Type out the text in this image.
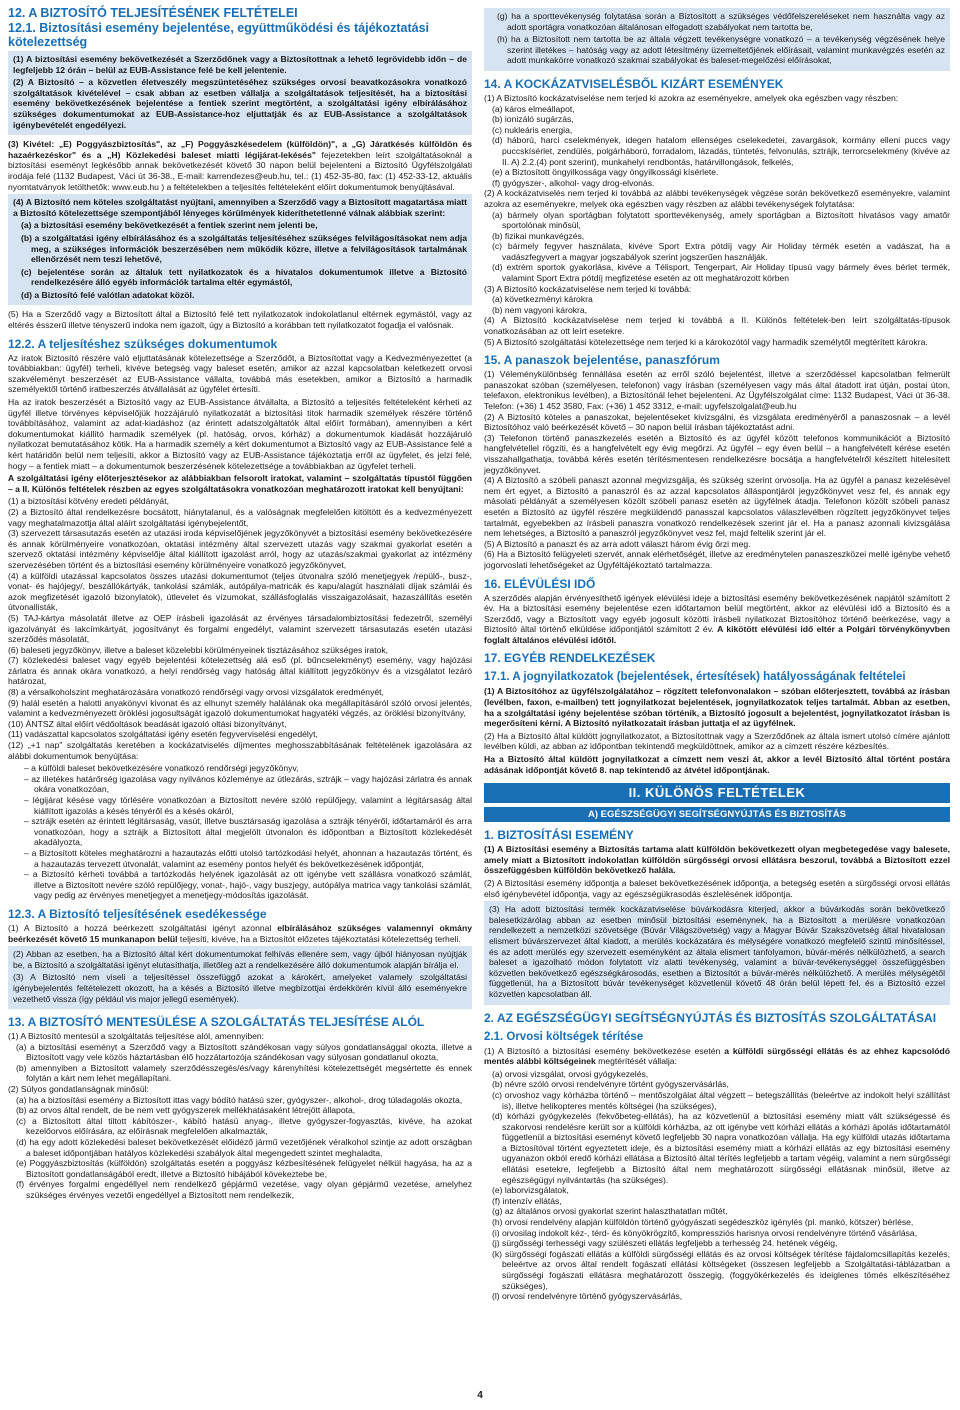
12. A BIZTOSÍTÓ TELJESÍTÉSÉNEK FELTÉTELEI
12.1. Biztosítási esemény bejelentése, együttműködési és tájékoztatási kötelezettség

(1) A biztosítási esemény bekövetkezését a Szerződőnek vagy a Biztosítottnak a lehető legrövidebb időn – de legfeljebb 12 órán – belül az EUB-Assistance felé be kell jelentenie.

(2) A Biztosító – a közvetlen életveszély megszüntetéséhez szükséges orvosi beavatkozásokra vonatkozó szolgáltatások kivételével – csak abban az esetben vállalja a szolgáltatások teljesítését, ha a biztosítási esemény bekövetkezésének bejelentése a fentiek szerint megtörtént, a szolgáltatási igény elbírálásához szükséges dokumentumokat az EUB-Assistance-hoz eljuttatják és az EUB-Assistance a szolgáltatások igénybevételét engedélyezi.

(3) Kivétel: „E) Poggyászbiztosítás", az „F) Poggyászkésedelem (külföldön)", a „G) Járatkésés külföldön és hazaérkezéskor" és a „H) Közlekedési baleset miatti légijárat-lekésés" fejezetekben leírt szolgáltatásoknál a biztosítási eseményt legkésőbb annak bekövetkezését követő 30 napon belül bejelenteni a Biztosító Ügyfélszolgálati irodája felé (1132 Budapest, Váci út 36-38., E-mail: karrendezes@eub.hu, tel.: (1) 452-35-80, fax: (1) 452-33-12, aktuális nyomtatványok letölthetők: www.eub.hu ) a feltételekben a teljesítés feltételeként előírt dokumentumok benyújtásával.

(4) A Biztosító nem köteles szolgáltatást nyújtani, amennyiben a Szerződő vagy a Biztosított magatartása miatt a Biztosító kötelezettsége szempontjából lényeges körülmények kideríthetetlenné válnak alábbiak szerint:

(a) a biztosítási esemény bekövetkezését a fentiek szerint nem jelenti be,

(b) a szolgáltatási igény elbírálásához és a szolgáltatás teljesítéséhez szükséges felvilágosításokat nem adja meg, a szükséges információk beszerzésében nem működik közre, illetve a felvilágosítások tartalmának ellenőrzését nem teszi lehetővé,

(c) bejelentése során az általuk tett nyilatkozatok és a hivatalos dokumentumok illetve a Biztosító rendelkezésére álló egyéb információk tartalma eltér egymástól,

(d) a Biztosító felé valótlan adatokat közöl.

(5) Ha a Szerződő vagy a Biztosított által a Biztosító felé tett nyilatkozatok indokolatlanul eltérnek egymástól, vagy az eltérés ésszerű illetve tényszerű indoka nem igazolt, úgy a Biztosító a korábban tett nyilatkozatot fogadja el valósnak.

12.2. A teljesítéshez szükséges dokumentumok

Az iratok Biztosító részére való eljuttatásának kötelezettsége a Szerződőt, a Biztosítottat vagy a Kedvezményezettet (a továbbiakban: ügyfél) terheli, kivéve betegség vagy baleset esetén, amikor az azzal kapcsolatban keletkezett orvosi szakvéleményt beszerzését az EUB-Assistance vállalta, továbbá más esetekben, amikor a Biztosító a harmadik személyektől történő iratbeszerzés átvállalását az ügyfélet értesíti.

Ha az iratok beszerzését a Biztosító vagy az EUB-Assistance átvállalta, a Biztosító a teljesítés feltételeként kérheti az ügyfél illetve törvényes képviselőjük hozzájáruló nyilatkozatát a biztosítási titok harmadik személyek részére történő továbbításához, valamint az adat-kiadáshoz (az érintett adatszolgáltatók által előírt formában), amennyiben a kért dokumentumokat kiállító harmadik személyek (pl. hatóság, orvos, kórház) a dokumentumok kiadását hozzájáruló nyilatkozat bemutatásához kötik. Ha a harmadik személy a kért dokumentumot a Biztosító vagy az EUB-Assistance felé a kért határidőn belül nem teljesíti, akkor a Biztosító vagy az EUB-Assistance tájékoztatja erről az ügyfelet, és jelzi felé, hogy – a fentiek miatt – a dokumentumok beszerzésének kötelezettsége a továbbiakban az ügyfelet terheli.

A szolgáltatási igény előterjesztésekor az alábbiakban felsorolt iratokat, valamint – szolgáltatás típustól függően – a II. Különös feltételek részben az egyes szolgáltatásokra vonatkozóan meghatározott iratokat kell benyújtani:

(1) a biztosítási kötvény eredeti példányát,
(2) a Biztosító által rendelkezésre bocsátott, hiánytalanul, és a valóságnak megfelelően kitöltött és a kedvezményezett vagy meghatalmazottja által aláírt szolgáltatási igénybejelentőt,
(3) szervezett társasutazás esetén az utazási iroda képviselőjének jegyzőkönyvét a biztosítási esemény bekövetkezésére és annak körülményeire vonatkozóan, oktatási intézmény által szervezett utazás vagy szakmai gyakorlat esetén a szervező oktatási intézmény képviselője által kiállított igazolást arról, hogy az utazás/szakmai gyakorlat az intézmény szervezésében történt és a biztosítási esemény körülményeire vonatkozó jegyzőkönyvet,
(4) a külföldi utazással kapcsolatos összes utazási dokumentumot (teljes útvonalra szóló menetjegyek /repülő-, busz-, vonat- és hajójegy/, beszállókártyák, tankolási számlák, autópálya-matricák és kapu/alagút használati díjak számlái és azok megfizetését igazoló bizonylatok), útlevelet és vízumokat, szállásfoglalás visszaigazolásait, hazaszállítás esetén útvonallisták,
(5) TAJ-kártya másolatát illetve az OEP írásbeli igazolását az érvényes társadalombiztosítási fedezetről, személyi igazolványát és lakcímkártyát, jogosítványt és forgalmi engedélyt, valamint szervezett társasutazás esetén utazási szerződés másolatát,
(6) baleseti jegyzőkönyv, illetve a baleset közelebbi körülményeinek tisztázásához szükséges iratok,
(7) közlekedési baleset vagy egyéb bejelentési kötelezettség alá eső (pl. bűncselekményt) esemény, vagy hajózási zárlatra és annak okára vonatkozó, a helyi rendőrség vagy hatóság által kiállított jegyzőkönyv és a vizsgálatot lezáró határozat,
(8) a vérsalkoholszint meghatározására vonatkozó rendőrségi vagy orvosi vizsgálatok eredményét,
(9) halál esetén a halotti anyakönyvi kivonat és az elhunyt személy halálának oka megállapításáról szóló orvosi jelentés, valamint a kedvezményezett öröklési jogosultságát igazoló dokumentumokat hagyatéki végzés, az öröklési bizonyítvány,
(10) ÁNTSZ által előírt védőoltások beadását igazoló oltási bizonyítványt,
(11) vadászattal kapcsolatos szolgáltatási igény esetén fegyverviselési engedélyt,
(12) „+1 nap" szolgáltatás keretében a kockázatviselés díjmentes meghosszabbításának feltételének igazolására az alábbi dokumentumok benyújtása:
– a külföldi baleset bekövetkezésére vonatkozó rendőrségi jegyzőkönyv,
– az illetékes határőrség igazolása vagy nyilvános közleménye az útlezárás, sztrájk – vagy hajózási zárlatra és annak okára vonatkozóan,
– légijárat késése vagy törlésére vonatkozóan a Biztosított nevére szóló repülőjegy, valamint a légitársaság által kiállított igazolás a késés tényéről és a késés okáról,
– sztrájk esetén az érintett légitársaság, vasút, illetve busztársaság igazolása a sztrájk tényéről, időtartamáról és arra vonatkozóan, hogy a sztrájk a Biztosított által megjelölt útvonalon és időpontban a Biztosított közlekedését akadályozta,
– a Biztosított köteles meghatározni a hazautazás előtti utolsó tartózkodási helyét, ahonnan a hazautazás történt, és a hazautazás tervezett útvonalát, valamint az esemény pontos helyét és bekövetkezésének időpontját,
– a Biztosító kérheti továbbá a tartózkodás helyének igazolását az ott igénybe vett szállásra vonatkozó számlát, illetve a Biztosított nevére szóló repülőjegy, vonat-, hajó-, vagy buszjegy, autópálya matrica vagy tankolási számlát, vagy pedig az érvényes menetjegyet a menetjegy-módosítás igazolását.
12.3. A Biztosító teljesítésének esedékessége

(1) A Biztosító a hozzá beérkezett szolgáltatási igényt azonnal elbírálásához szükséges valamennyi okmány beérkezését követő 15 munkanapon belül teljesíti, kivéve, ha a Biztosítót előzetes tájékoztatási kötelezettség terheli.

(2) Abban az esetben, ha a Biztosító által kért dokumentumokat felhívás ellenére sem, vagy újból hiányosan nyújtják be, a Biztosító a szolgáltatási igényt elutasíthatja, illetőleg azt a rendelkezésére álló dokumentumok alapján bírálja el.

(3) A Biztosító nem viseli a teljesítéssel összefüggő azokat a károkért, amelyeket valamely szolgáltatási igénybejelentés feltételezett okozott, ha a késés a Biztosító illetve megbízottjai érdekkörén kívül álló eseményekre vezethető vissza (így például vis major jellegű események).

13. A BIZTOSÍTÓ MENTESÜLÉSE A SZOLGÁLTATÁS TELJESÍTÉSE ALÓL
(1) A Biztosító mentesül a szolgáltatás teljesítése alól, amennyiben:
(a) a biztosítási eseményt a Szerződő vagy a Biztosított szándékosan vagy súlyos gondatlansággal okozta, illetve a Biztosított vagy vele közös háztartásban élő hozzátartozója szándékosan vagy súlyosan gondatlanul okozta,
(b) amennyiben a Biztosított valamely szerződésszegés/és/vagy kárenyhítési kötelezettségét megsértette és ennek folytán a kárt nem lehet megállapítani.
(2) Súlyos gondatlanságnak minősül:
(a) ha a biztosítási esemény a Biztosított ittas vagy bódító hatású szer, gyógyszer-, alkohol-, drog túladagolás okozta,
(b) az orvos által rendelt, de be nem vett gyógyszerek mellékhatásaként létrejött állapota,
(c) a Biztosított által tiltott kábítószer-, kábító hatású anyag-, illetve gyógyszer-fogyasztás, kivéve, ha azokat kezelőorvos előírására, az előírásnak megfelelően alkalmazták,
(d) ha egy adott közlekedési baleset bekövetkezését előidéző jármű vezetőjének véralkohol szintje az adott országban a baleset időpontjában hatályos közlekedési szabályok által megengedett szintet meghaladta,
(e) Poggyászbiztosítás (külföldön) szolgáltatás esetén a poggyász kézbesítésének felügyelet nélkül hagyása, ha az a Biztosított gondatlanságából eredt, illetve a Biztosító hibájából kövekeztebe be,
(f) érvényes forgalmi engedéllyel nem rendelkező gépjármű vezetése, vagy olyan gépjármű vezetése, amelyhez szükséges érvényes vezetői engedéllyel a Biztosított nem rendelkezik,

(g) ha a sporttevékenység folytatása során a Biztosított a szükséges védőfelszereléseket nem használta vagy az adott sportágra vonatkozóan általánosan elfogadott szabályokat nem tartotta be,

(h) ha a Biztosított nem tartotta be az általa végzett tevékenységre vonatkozó – a tevékenység végzésének helye szerint illetékes – hatóság vagy az adott létesítmény üzemeltetőjének előírásait, valamint munkavégzés esetén az adott munkakörre vonatkozó szakmai szabályokat és baleset-megelőzési előírásokat,

14. A KOCKÁZATVISELÉSBŐL KIZÁRT ESEMÉNYEK
(1) A Biztosító kockázatviselése nem terjed ki azokra az eseményekre, amelyek oka egészben vagy részben:
(a) káros elmeállapot,
(b) ionizáló sugárzás,
(c) nukleáris energia,
(d) háború, harci cselekmények, idegen hatalom ellenséges cselekedetei, zavargások, kormány elleni puccs vagy puccskísérlet, zendülés, polgárháború, forradalom, lázadás, tüntetés, felvonulás, sztrájk, terrorcselekmény (kivéve az II. A) 2.2.(4) pont szerint), munkahelyi rendbontás, határvillongások, felkelés,
(e) a Biztosított öngyilkossága vagy öngyilkossági kísérlete.
(f) gyógyszer-, alkohol- vagy drog-elvonás.
(2) A kockázatviselés nem terjed ki továbbá az alábbi tevékenységek végzése során bekövetkező eseményekre, valamint azokra az eseményekre, melyek oka egészben vagy részben az alábbi tevékenységek folytatása:
(a) bármely olyan sportágban folytatott sporttevékenység, amely sportágban a Biztosított hivatásos vagy amatőr sportolónak minősül,
(b) fizikai munkavégzés,
(c) bármely fegyver használata, kivéve Sport Extra pótdíj vagy Air Holiday térmék esetén a vadászat, ha a vadászfegyvert a magyar jogszabályok szerint jogszerűen használják.
(d) extrém sportok gyakorlása, kivéve a Télisport, Tengerpart, Air Holiday típusú vagy bármely éves bérlet termék, valamint Sport Extra pótdíj megfizetése esetén az ott meghatározott körben
(3) A Biztosító kockázatviselése nem terjed ki továbbá:
(a) következményi károkra
(b) nem vagyoni károkra,
(4) A Biztosító kockázatviselése nem terjed ki továbbá a II. Különös feltételek-ben leírt szolgáltatás-típusok vonatkozásában az ott leírt esetekre.
(5) A Biztosító szolgáltatási kötelezettsége nem terjed ki a károkozótól vagy harmadik személytől megtérített károkra.
15. A panaszok bejelentése, panaszfórum
(1) Véleménykülönbség fennállása esetén az erről szóló bejelentést, illetve a szerződéssel kapcsolatban felmerült panaszokat szóban (személyesen, telefonon) vagy írásban (személyesen vagy más által átadott irat útján, postai úton, telefaxon, elektronikus levélben), a Biztosítónál lehet bejelenteni. Az Ügyfélszolgálat címe: 1132 Budapest, Váci út 36-38. Telefon: (+36) 1 452 3580, Fax: (+36) 1 452 3312, e-mail: ugyfelszolgalat@eub.hu
(2) A Biztosító köteles a panaszokat, bejelentéseket kivizsgálni, és vizsgálata eredményéről a panaszosnak – a levél Biztosítóhoz való beérkezését követő – 30 napon belül írásban tájékoztatást adni.
(3) Telefonon történő panaszkezelés esetén a Biztosító és az ügyfél között telefonos kommunikációt a Biztosító hangfelvétellel rögzíti, és a hangfelvételt egy évig megőrzi. Az ügyfél – egy éven belül – a hangfelvételt kérése esetén visszahallgathatja, továbbá kérés esetén térítésmentesen rendelkezésre bocsátja a hangfelvételről készített hitelesített jegyzőkönyvet.
(4) A Biztosító a szóbeli panaszt azonnal megvizsgálja, és szükség szerint orvosolja. Ha az ügyfél a panasz kezelésével nem ért egyet, a Biztosító a panaszról és az azzal kapcsolatos álláspontjáról jegyzőkönyvet vesz fel, és annak egy másolati példányát a személyesen közölt szóbeli panasz esetén az ügyfélnek átadja. Telefonon közölt szóbeli panasz esetén a Biztosító az ügyfél részére megküldendő panasszal kapcsolatos válaszlevélben rögzített jegyzőkönyvet teljes tartalmát, egyebekben az írásbeli panaszra vonatkozó rendelkezések szerint jár el. Ha a panasz azonnali kivizsgálása nem lehetséges, a Biztosító a panaszról jegyzőkönyvet vesz fel, majd feltelik szerint jár el.
(5) A Biztosító a panaszt és az arra adott választ három évig őrzi meg.
(6) Ha a Biztosító felügyeleti szervét, annak elérhetőségét, illetve az eredménytelen panaszeszközei mellé igénybe vehető jogorvoslati lehetőségeket az Ügyféltájékoztató tartalmazza.
16. ELÉVÜLÉSI IDŐ

A szerződés alapján érvényesíthető igények elévülési ideje a biztosítási esemény bekövetkezésének napjától számított 2 év. Ha a biztosítási esemény bejelentése ezen időtartamon belül megtörtént, akkor az elévülési idő a Biztosító és a Szerződő, vagy a Biztosított vagy egyéb jogosult közötti írásbeli nyilatkozat Biztosítóhoz történő beérkezése, vagy a Biztosító által történő elküldése időpontjától számított 2 év. A kikötött elévülési idő eltér a Polgári törvénykönyvben foglalt általános elévülési időtől.

17. EGYÉB RENDELKEZÉSEK
17.1. A jognyilatkozatok (bejelentések, értesítések) hatályosságának feltételei

(1) A Biztosítóhoz az ügyfélszolgálatához – rögzített telefonvonalakon – szóban előterjesztett, továbbá az írásban (levélben, faxon, e-mailben) tett jognyilatkozat bejelentések, jognyilatkozatok teljes tartalmát. Abban az esetben, ha a szolgáltatási igény bejelentése szóban történik, a Biztosító jogosult a bejelentést, jognyilatkozatot írásban is megerősíteni kérni. A Biztosító nyilatkozatait írásban juttatja el az ügyfélnek.

(2) Ha a Biztosító által küldött jognyilatkozatot, a Biztosítottnak vagy a Szerződőnek az általa ismert utolsó címére ajánlott levélben küldi, az abban az időpontban tekintendő megküldöttnek, amikor az a címzett részére kézbesítés.

Ha a Biztosító által küldött jognyilatkozat a címzett nem veszi át, akkor a levél Biztosító által történt postára adásának időpontját követő 8. nap tekintendő az átvétel időpontjának.

II. KÜLÖNÖS FELTÉTELEK
A) EGÉSZSÉGÜGYI SEGÍTSÉGNYÚJTÁS ÉS BIZTOSÍTÁS
1. BIZTOSÍTÁSI ESEMÉNY

(1) A Biztosítási esemény a Biztosítás tartama alatt külföldön bekövetkezett olyan megbetegedése vagy balesete, amely miatt a Biztosított indokolatlan külföldön sürgősségi orvosi ellátásra beszorul, továbbá a Biztosított ezzel összefüggésben külföldön bekövetkező halála.

(2) A Biztosítási esemény időpontja a baleset bekövetkezésének időpontja, a betegség esetén a sürgősségi orvosi ellátás első igénybevétel időpontja, vagy az egészségükrasodás észlelésének időpontja.

(3) Ha adott biztosítási termék kockázatviselése búvárkodásra kiterjed, akkor a búvárkodás során bekövetkező balesetkizárólag abban az esetben minősül biztosítási eseménynek, ha a Biztosított a merülésre vonatkozóan rendelkezett a nemzetközi szövetsége (Búvár Világszövetség) vagy a Magyar Búvár Szakszövetség által hivatalosan elismert búvárszervezet által kiadott, a merülés kockázatára és mélységére vonatkozó megfelelő szintű minősítéssel, és az adott merülés egy szervezett eseményként az általa elismert tanfolyamon, búvár-mérés nélkülözhető, a search baleset a igazolható módon folytatott víz alatti tevékenység, valamint a búvár-tevékenységgel összefüggésben közvetlen bekövetkező egészségkárosodás, esetben a Biztosítót a búvár-mérés nélkülözhető. A merülés mélységétől függetlenül, ha a Biztosított búvár tevékenységet közvetlenül követő 48 órán belül lépett fel, és a Biztosító ezzel közvetlen kapcsolatban áll.

2. AZ EGÉSZSÉGÜGYI SEGÍTSÉGNYÚJTÁS ÉS BIZTOSÍTÁS SZOLGÁLTATÁSAI
2.1. Orvosi költségek térítése

(1) A Biztosító a biztosítási esemény bekövetkezése esetén a külföldi sürgősségi ellátás és az ehhez kapcsolódó mentés alábbi költségeinek megtérítését vállalja:

(a) orvosi vizsgálat, orvosi gyógykezelés,
(b) névre szóló orvosi rendelvényre történt gyógyszervásárlás,
(c) orvoshoz vagy kórházba történő – mentőszolgálat által végzett – betegszállítás (beleértve az indokolt helyi szállítást is), illetve helikopteres mentés költségei (ha szükséges),
(d) kórházi gyógykezelés (fekvőbeteg-ellátás), ha az közvetlenül a biztosítási esemény miatt vált szükségessé és szakorvosi rendelésre került sor a külföldi kórházba, az ott igénybe vett kórházi ellátás a kórházi ápolás időtartamától függetlenül a biztosítási eseményt követő legfeljebb 30 napra vonatkozóan vállalja. Ha egy külföldi utazás időtartama a Biztosítóval történt egyeztetett ideje, és a biztosítási esemény miatt a kórházi ellátás az egy biztosítási esemény ugyanazon okból eredő kórházi ellátása a Biztosító által térítés legfeljebb a tartam végéig, valamint a nem sürgősségi ellátási esetekre, legfeljebb a Biztosító által nem meghatározott sürgősségi ellátásnak minősül, illetve az egészségügyi nyilvántartás (ha szükséges).
(e) laborvizsgálatok,
(f) intenzív ellátás,
(g) az általános orvosi gyakorlat szerint halaszthatatlan műtét,
(h) orvosi rendelvény alapján külföldön történő gyógyászati segédeszköz igénylés (pl. mankó, kötszer) bérlése,
(i) orvosilag indokolt kéz-, térd- és könyökrögzítő, kompressziós harisnya orvosi rendelvényre történő vásárlása,
(j) sürgősségi terhességi vagy szülészeti ellátás legfeljebb a terhesség 24. hetének végéig,
(k) sürgősségi fogászati ellátás a külföldi sürgősségi ellátás és az orvosi költségek térítése fájdalomcsillapítás kezelés, beleértve az orvos által rendelt fogászati ellátási költségeket (összesen legfeljebb a Szolgáltatási-táblázatban a sürgősségi fogászati ellátásra meghatározott összegig, (foggyökérkezelés és ideiglenes tömés elkészítéséhez szükséges),
(l) orvosi rendelvényre történő gyógyszervásárlás,
4
